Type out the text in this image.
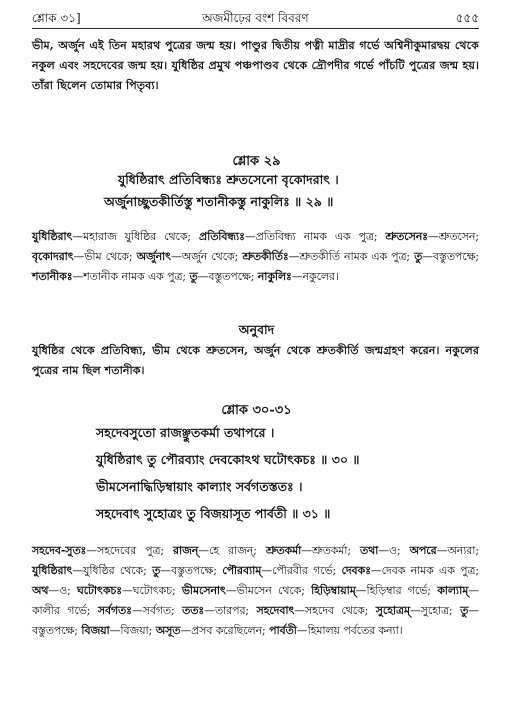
শ্লোক ৩১]	অজমীঢ়ের বংশ বিবরণ	৫৫৫
ভীম, অর্জুন এই তিন মহারথ পুত্রের জন্ম হয়। পাণ্ডুর দ্বিতীয় পত্নী মাদ্রীর গর্ভে অশ্বিনীকুমারদ্বয় থেকে নকুল এবং সহদেবের জন্ম হয়। যুধিষ্ঠির প্রমুখ পঞ্চপাণ্ডব থেকে দ্রৌপদীর গর্ভে পাঁচটি পুত্রের জন্ম হয়। তাঁরা ছিলেন তোমার পিতৃব্য।
শ্লোক ২৯
যুধিষ্ঠিরাৎ প্রতিবিন্ধ্যঃ শ্রুতসেনো বৃকোদরাৎ ।
অর্জুনাচ্ছুতকীর্তিস্তু শতানীকস্তু নাকুলিঃ ॥ ২৯ ॥
যুধিষ্ঠিরাৎ—মহারাজ যুধিষ্ঠির থেকে; প্রতিবিন্ধ্যঃ—প্রতিবিন্ধ্য নামক এক পুত্র; শ্রুতসেনঃ—শ্রুতসেন; বৃকোদরাৎ—ভীম থেকে; অর্জুনাৎ—অর্জুন থেকে; শ্রুতকীর্তিঃ—শ্রুতকীর্তি নামক এক পুত্র; তু—বস্তুতপক্ষে; শতানীকঃ—শতানীক নামক এক পুত্র; তু—বস্তুতপক্ষে; নাকুলিঃ—নকুলের।
অনুবাদ
যুধিষ্ঠির থেকে প্রতিবিন্ধ্য, ভীম থেকে শ্রুতসেন, অর্জুন থেকে শ্রুতকীর্তি জন্মগ্রহণ করেন। নকুলের পুত্রের নাম ছিল শতানীক।
শ্লোক ৩০-৩১
সহদেবসুতো রাজঞ্ছুতকর্মা তথাপরে ।
যুধিষ্ঠিরাৎ তু পৌরব্যাং দেবকোঽথ ঘটোৎকচঃ ॥ ৩০ ॥
ভীমসেনাদ্ধিড়িম্বায়াং কাল্যাং সর্বগতস্ততঃ ।
সহদেবাৎ সুহোত্রং তু বিজয়াসূত পার্বতী ॥ ৩১ ॥
সহদেব-সুতঃ—সহদেবের পুত্র; রাজন্—হে রাজন্; শ্রুতকর্মা—শ্রুতকর্মা; তথা—ও; অপরে—অন্যরা; যুধিষ্ঠিরাৎ—যুধিষ্ঠির থেকে; তু—বস্তুতপক্ষে; পৌরব্যাম্—পৌরবীর গর্ভে; দেবকঃ—দেবক নামক এক পুত্র; অথ—ও; ঘটোৎকচঃ—ঘটোৎকচ; ভীমসেনাৎ—ভীমসেন থেকে; হিড়িম্বায়াম্—হিড়িম্বার গর্ভে; কাল্যাম্—কালীর গর্ভে; সর্বগতঃ—সর্বগত; ততঃ—তারপর; সহদেবাৎ—সহদেব থেকে; সুহোত্রম্—সুহোত্র; তু—বস্তুতপক্ষে; বিজয়া—বিজয়া; অসূত—প্রসব করেছিলেন; পার্বতী—হিমালয় পর্বতের কন্যা।
